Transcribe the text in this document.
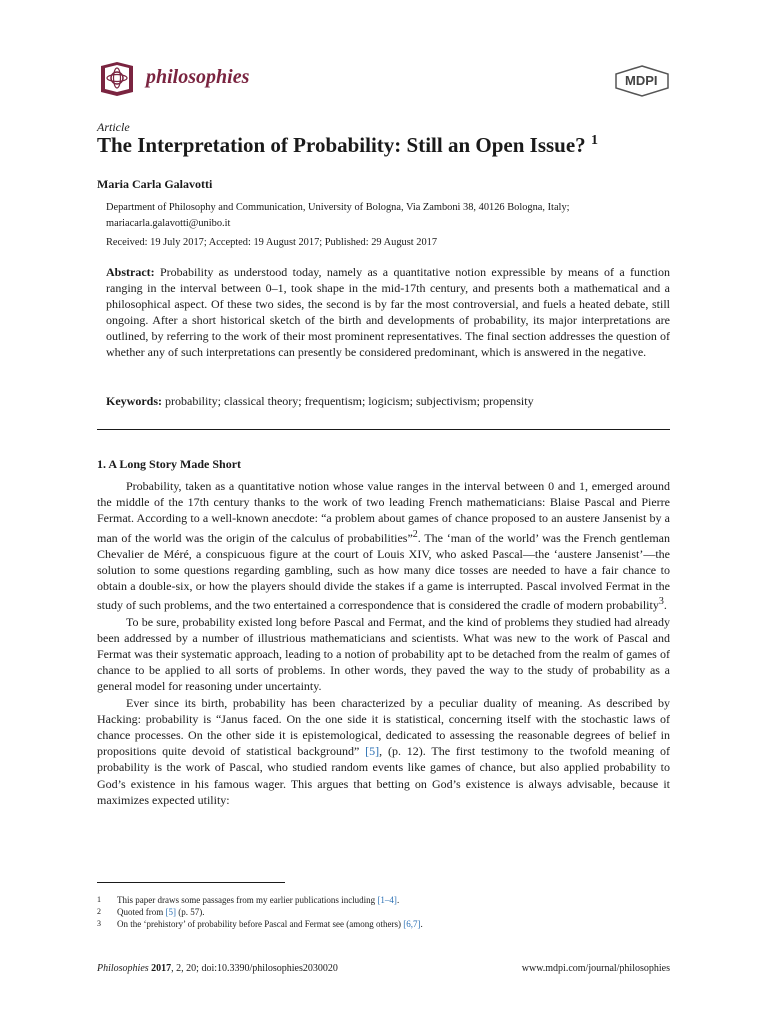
philosophies	MDPI
Article
The Interpretation of Probability: Still an Open Issue? $^1$
Maria Carla Galavotti
Department of Philosophy and Communication, University of Bologna, Via Zamboni 38, 40126 Bologna, Italy;
mariacarla.galavotti@unibo.it
Received: 19 July 2017; Accepted: 19 August 2017; Published: 29 August 2017
Abstract: Probability as understood today, namely as a quantitative notion expressible by means of a function ranging in the interval between 0–1, took shape in the mid-17th century, and presents both a mathematical and a philosophical aspect. Of these two sides, the second is by far the most controversial, and fuels a heated debate, still ongoing. After a short historical sketch of the birth and developments of probability, its major interpretations are outlined, by referring to the work of their most prominent representatives. The final section addresses the question of whether any of such interpretations can presently be considered predominant, which is answered in the negative.
Keywords: probability; classical theory; frequentism; logicism; subjectivism; propensity
1. A Long Story Made Short

Probability, taken as a quantitative notion whose value ranges in the interval between 0 and 1, emerged around the middle of the 17th century thanks to the work of two leading French mathematicians: Blaise Pascal and Pierre Fermat. According to a well-known anecdote: “a problem about games of chance proposed to an austere Jansenist by a man of the world was the origin of the calculus of probabilities”$^2$. The ‘man of the world’ was the French gentleman Chevalier de Méré, a conspicuous figure at the court of Louis XIV, who asked Pascal—the ‘austere Jansenist’—the solution to some questions regarding gambling, such as how many dice tosses are needed to have a fair chance to obtain a double-six, or how the players should divide the stakes if a game is interrupted. Pascal involved Fermat in the study of such problems, and the two entertained a correspondence that is considered the cradle of modern probability$^3$.

To be sure, probability existed long before Pascal and Fermat, and the kind of problems they studied had already been addressed by a number of illustrious mathematicians and scientists. What was new to the work of Pascal and Fermat was their systematic approach, leading to a notion of probability apt to be detached from the realm of games of chance to be applied to all sorts of problems. In other words, they paved the way to the study of probability as a general model for reasoning under uncertainty.

Ever since its birth, probability has been characterized by a peculiar duality of meaning. As described by Hacking: probability is “Janus faced. On the one side it is statistical, concerning itself with the stochastic laws of chance processes. On the other side it is epistemological, dedicated to assessing the reasonable degrees of belief in propositions quite devoid of statistical background” [5], (p. 12). The first testimony to the twofold meaning of probability is the work of Pascal, who studied random events like games of chance, but also applied probability to God’s existence in his famous wager. This argues that betting on God’s existence is always advisable, because it maximizes expected utility:

1	This paper draws some passages from my earlier publications including [1–4].
2	Quoted from [5] (p. 57).
3	On the ‘prehistory’ of probability before Pascal and Fermat see (among others) [6,7].
Philosophies 2017, 2, 20; doi:10.3390/philosophies2030020	www.mdpi.com/journal/philosophies
